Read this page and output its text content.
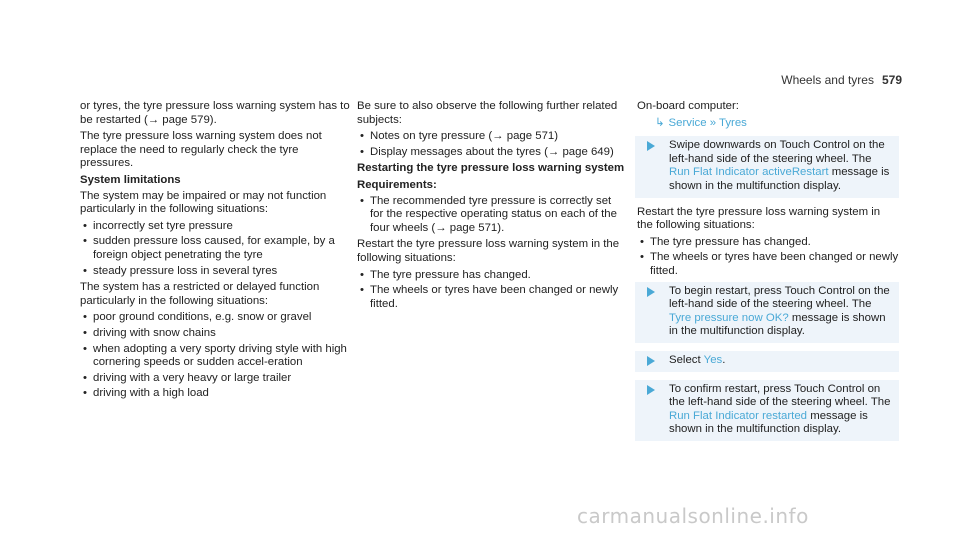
Wheels and tyres 579

or tyres, the tyre pressure loss warning system has to be restarted (→ page 579).

The tyre pressure loss warning system does not replace the need to regularly check the tyre pressures.

System limitations

The system may be impaired or may not function particularly in the following situations:

• incorrectly set tyre pressure
• sudden pressure loss caused, for example, by a foreign object penetrating the tyre
• steady pressure loss in several tyres

The system has a restricted or delayed function particularly in the following situations:

• poor ground conditions, e.g. snow or gravel
• driving with snow chains
• when adopting a very sporty driving style with high cornering speeds or sudden accel-eration
• driving with a very heavy or large trailer
• driving with a high load

Be sure to also observe the following further related subjects:

• Notes on tyre pressure (→ page 571)
• Display messages about the tyres (→ page 649)
Restarting the tyre pressure loss warning system
Requirements:
• The recommended tyre pressure is correctly set for the respective operating status on each of the four wheels (→ page 571).

Restart the tyre pressure loss warning system in the following situations:

• The tyre pressure has changed.
• The wheels or tyres have been changed or newly fitted.

On-board computer:

↳ Service » Tyres
Swipe downwards on Touch Control on the left-hand side of the steering wheel. The Run Flat Indicator activeRestart message is shown in the multifunction display.

Restart the tyre pressure loss warning system in the following situations:

• The tyre pressure has changed.
• The wheels or tyres have been changed or newly fitted.
To begin restart, press Touch Control on the left-hand side of the steering wheel. The Tyre pressure now OK? message is shown in the multifunction display.
Select Yes.
To confirm restart, press Touch Control on the left-hand side of the steering wheel. The Run Flat Indicator restarted message is shown in the multifunction display.
carmanualsonline.info
